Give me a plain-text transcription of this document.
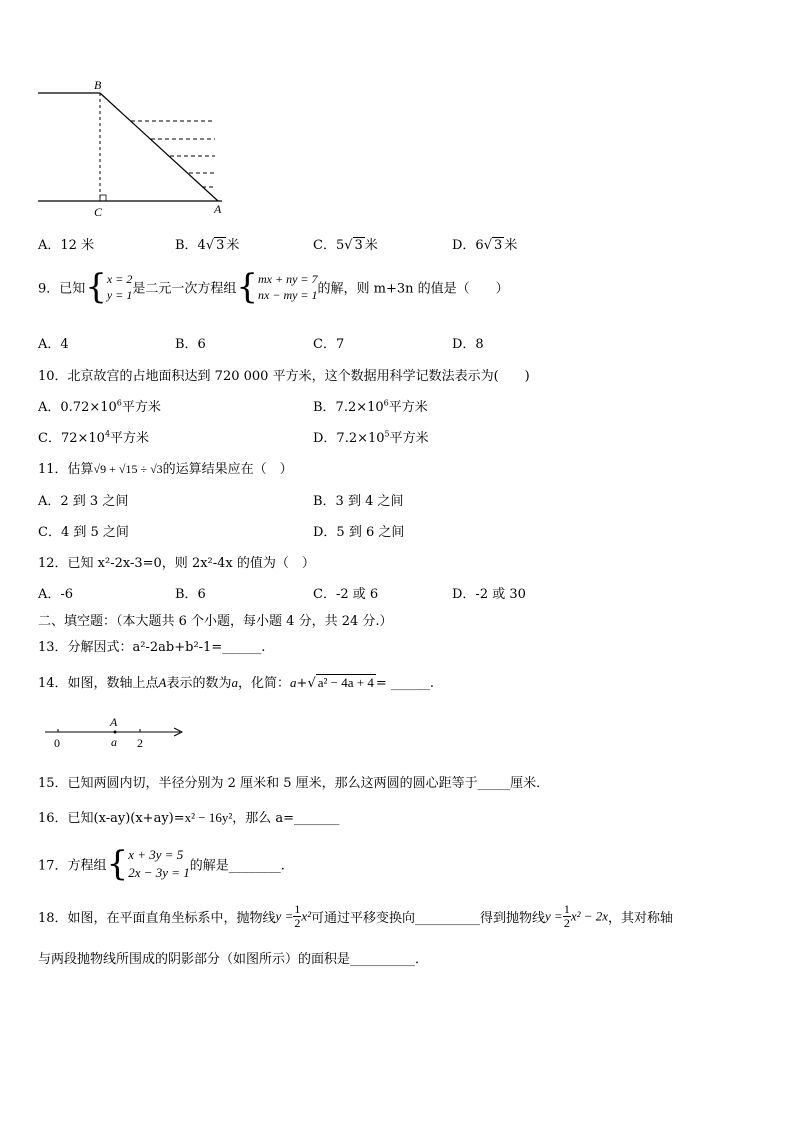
B
C	A
A．12 米	B．4√ 3 米	C．5√ 3 米	D．6√ 3 米
9．已知{x = 2
y = 1是二元一次方程组{mx + ny = 7
nx − my = 1的解，则 m+3n 的值是（　　）
A．4	B．6	C．7	D．8
10．北京故宫的占地面积达到 720 000 平方米，这个数据用科学记数法表示为(　　)
A．$0.72\times 10^6$平方米	B．$7.2\times 10^6$平方米
C．$72\times 10^4$平方米	D．$7.2\times 10^5$平方米
11．估算√9 + √15 ÷ √3的运算结果应在（　）
A．2 到 3 之间	B．3 到 4 之间
C．4 到 5 之间	D．5 到 6 之间
12．已知 x²-2x-3=0，则 2x²-4x 的值为（　）
A．-6	B．6	C．-2 或 6	D．-2 或 30
二、填空题：（本大题共 6 个小题，每小题 4 分，共 24 分.）
13．分解因式：a²-2ab+b²-1=______.
14．如图，数轴上点A表示的数为a，化简：a+√ a² − 4a + 4 = ______.
0
A
a 2
15．已知两圆内切，半径分别为 2 厘米和 5 厘米，那么这两圆的圆心距等于_____厘米．
16．已知(x-ay)(x+ay)=x² − 16y²，那么 a=_______
17．方程组{x + 3y = 5
2x − 3y = 1的解是________.
18．如图，在平面直角坐标系中，抛物线$y = \frac{1}{2} x^2$可通过平移变换向__________得到抛物线$y = \frac{1}{2} x^2 - 2x$，其对称轴
与两段抛物线所围成的阴影部分（如图所示）的面积是__________．
